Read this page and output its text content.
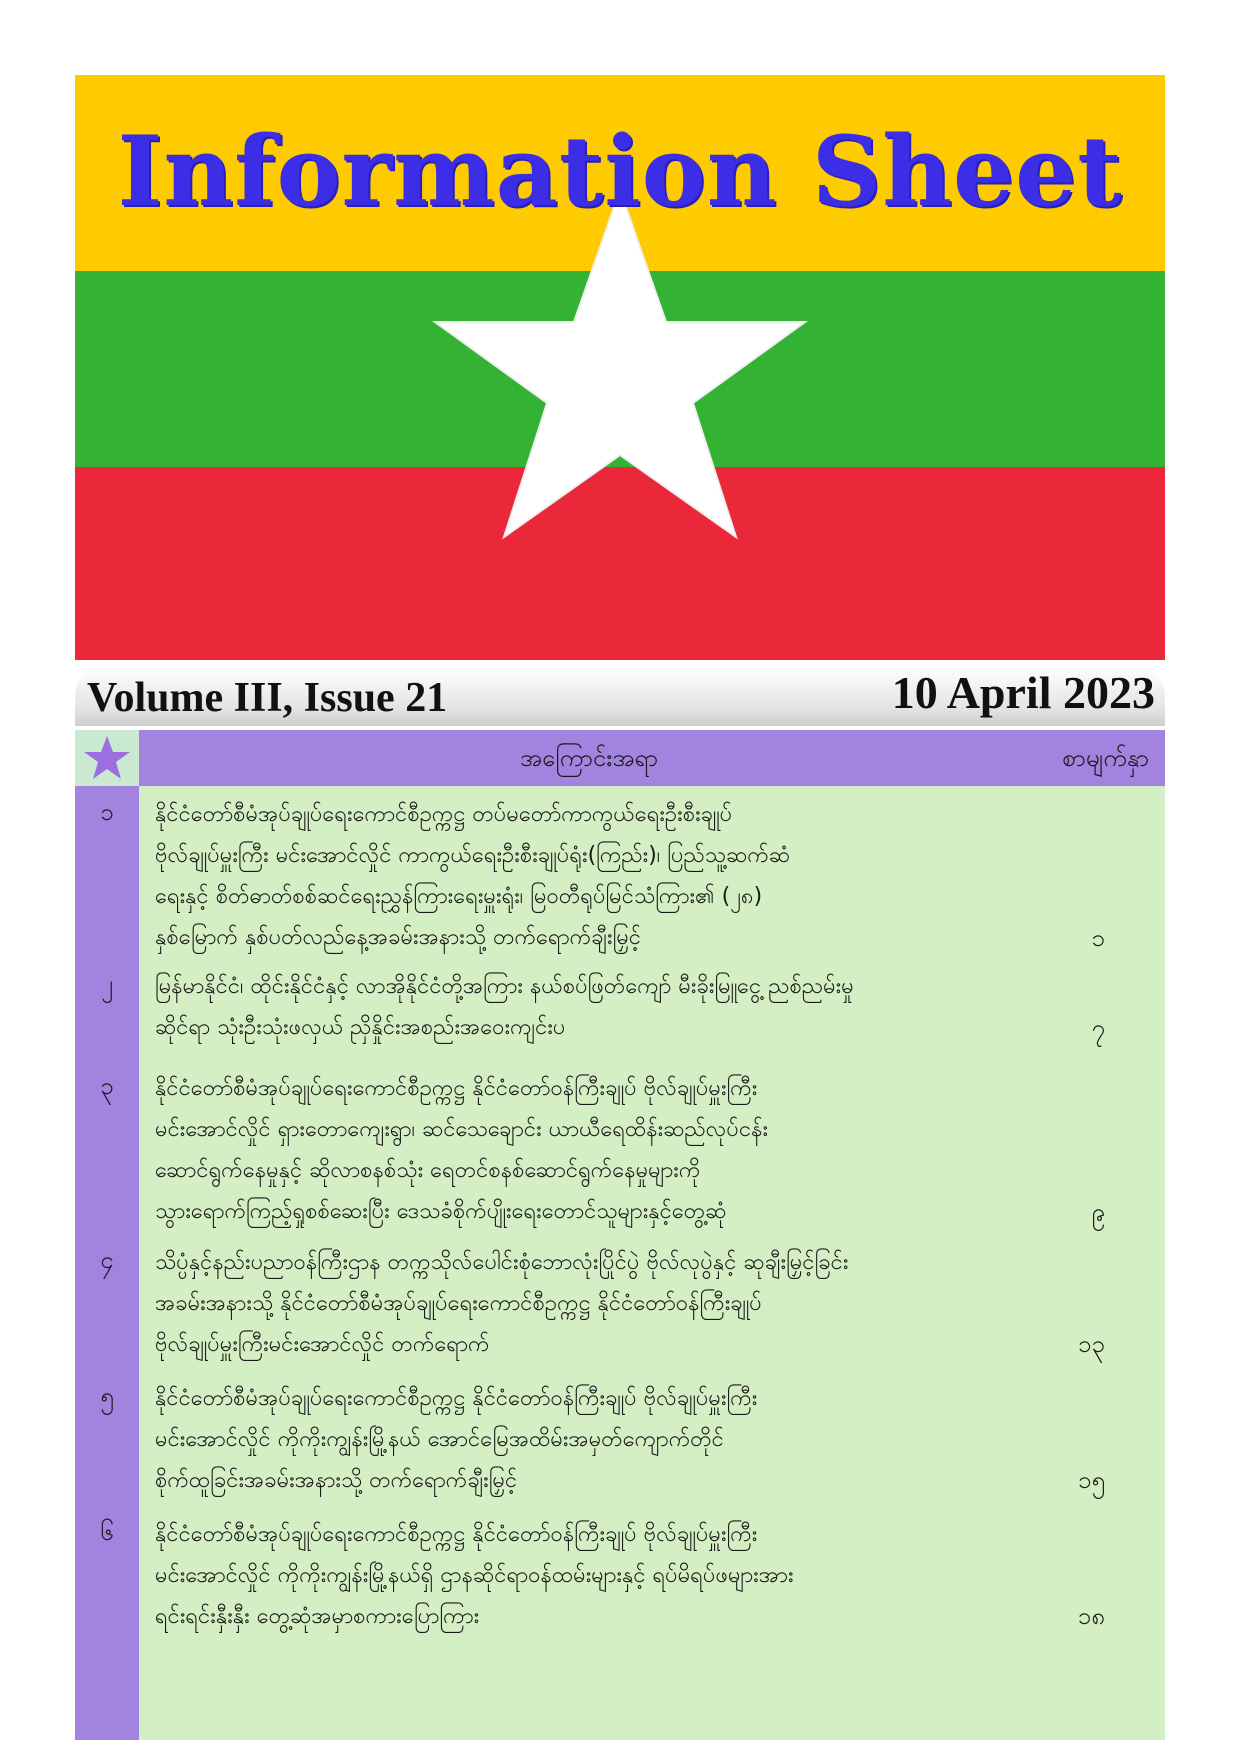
Information Sheet
Volume III, Issue 21	10 April 2023
အကြောင်းအရာ	စာမျက်နှာ
၁	နိုင်ငံတော်စီမံအုပ်ချုပ်ရေးကောင်စီဥက္ကဋ္ဌ တပ်မတော်ကာကွယ်ရေးဦးစီးချုပ်
ဗိုလ်ချုပ်မှူးကြီး မင်းအောင်လှိုင် ကာကွယ်ရေးဦးစီးချုပ်ရုံး(ကြည်း)၊ ပြည်သူ့ဆက်ဆံ
ရေးနှင့် စိတ်ဓာတ်စစ်ဆင်ရေးညွှန်ကြားရေးမှူးရုံး၊ မြဝတီရုပ်မြင်သံကြား၏ (၂၈)
နှစ်မြောက် နှစ်ပတ်လည်နေ့အခမ်းအနားသို့ တက်ရောက်ချီးမြှင့်	၁
၂	မြန်မာနိုင်ငံ၊ ထိုင်းနိုင်ငံနှင့် လာအိုနိုင်ငံတို့အကြား နယ်စပ်ဖြတ်ကျော် မီးခိုးမြူငွေ့ ညစ်ညမ်းမှု
ဆိုင်ရာ သုံးဦးသုံးဖလှယ် ညှိနှိုင်းအစည်းအဝေးကျင်းပ	၇
၃	နိုင်ငံတော်စီမံအုပ်ချုပ်ရေးကောင်စီဥက္ကဋ္ဌ နိုင်ငံတော်ဝန်ကြီးချုပ် ဗိုလ်ချုပ်မှူးကြီး
မင်းအောင်လှိုင် ရှားတောကျေးရွာ၊ ဆင်သေချောင်း ယာယီရေထိန်းဆည်လုပ်ငန်း
ဆောင်ရွက်နေမှုနှင့် ဆိုလာစနစ်သုံး ရေတင်စနစ်ဆောင်ရွက်နေမှုများကို
သွားရောက်ကြည့်ရှုစစ်ဆေးပြီး ဒေသခံစိုက်ပျိုးရေးတောင်သူများနှင့်တွေ့ဆုံ	၉
၄	သိပ္ပံနှင့်နည်းပညာဝန်ကြီးဌာန တက္ကသိုလ်ပေါင်းစုံဘောလုံးပြိုင်ပွဲ ဗိုလ်လုပွဲနှင့် ဆုချီးမြှင့်ခြင်း
အခမ်းအနားသို့ နိုင်ငံတော်စီမံအုပ်ချုပ်ရေးကောင်စီဥက္ကဋ္ဌ နိုင်ငံတော်ဝန်ကြီးချုပ်
ဗိုလ်ချုပ်မှူးကြီးမင်းအောင်လှိုင် တက်ရောက်	၁၃
၅	နိုင်ငံတော်စီမံအုပ်ချုပ်ရေးကောင်စီဥက္ကဋ္ဌ နိုင်ငံတော်ဝန်ကြီးချုပ် ဗိုလ်ချုပ်မှူးကြီး
မင်းအောင်လှိုင် ကိုကိုးကျွန်းမြို့နယ် အောင်မြေအထိမ်းအမှတ်ကျောက်တိုင်
စိုက်ထူခြင်းအခမ်းအနားသို့ တက်ရောက်ချီးမြှင့်	၁၅
၆	နိုင်ငံတော်စီမံအုပ်ချုပ်ရေးကောင်စီဥက္ကဋ္ဌ နိုင်ငံတော်ဝန်ကြီးချုပ် ဗိုလ်ချုပ်မှူးကြီး
မင်းအောင်လှိုင် ကိုကိုးကျွန်းမြို့နယ်ရှိ ဌာနဆိုင်ရာဝန်ထမ်းများနှင့် ရပ်မိရပ်ဖများအား
ရင်းရင်းနှီးနှီး တွေ့ဆုံအမှာစကားပြောကြား	၁၈
